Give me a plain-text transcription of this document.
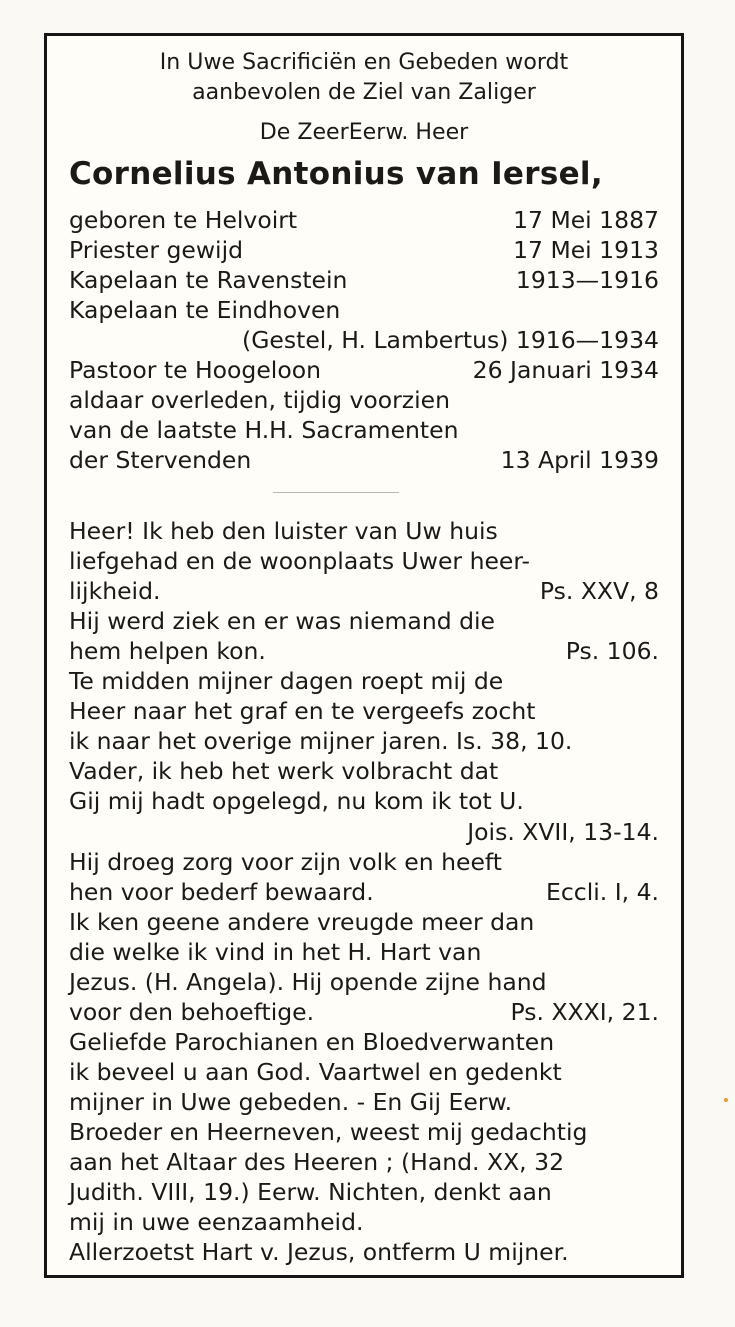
In Uwe Sacrificiën en Gebeden wordt
aanbevolen de Ziel van Zaliger
De ZeerEerw. Heer
Cornelius Antonius van Iersel,
geboren te Helvoirt	17 Mei 1887
Priester gewijd	17 Mei 1913
Kapelaan te Ravenstein	1913—1916
Kapelaan te Eindhoven
(Gestel, H. Lambertus) 1916—1934
Pastoor te Hoogeloon	26 Januari 1934
aldaar overleden, tijdig voorzien
van de laatste H.H. Sacramenten
der Stervenden	13 April 1939
Heer! Ik heb den luister van Uw huis
liefgehad en de woonplaats Uwer heer-
lijkheid.	Ps. XXV, 8
Hij werd ziek en er was niemand die
hem helpen kon.	Ps. 106.
Te midden mijner dagen roept mij de
Heer naar het graf en te vergeefs zocht
ik naar het overige mijner jaren. Is. 38, 10.
Vader, ik heb het werk volbracht dat
Gij mij hadt opgelegd, nu kom ik tot U.
Jois. XVII, 13-14.
Hij droeg zorg voor zijn volk en heeft
hen voor bederf bewaard.	Eccli. I, 4.
Ik ken geene andere vreugde meer dan
die welke ik vind in het H. Hart van
Jezus. (H. Angela). Hij opende zijne hand
voor den behoeftige.	Ps. XXXI, 21.
Geliefde Parochianen en Bloedverwanten
ik beveel u aan God. Vaartwel en gedenkt
mijner in Uwe gebeden. - En Gij Eerw.
Broeder en Heerneven, weest mij gedachtig
aan het Altaar des Heeren ; (Hand. XX, 32
Judith. VIII, 19.) Eerw. Nichten, denkt aan
mij in uwe eenzaamheid.
Allerzoetst Hart v. Jezus, ontferm U mijner.
